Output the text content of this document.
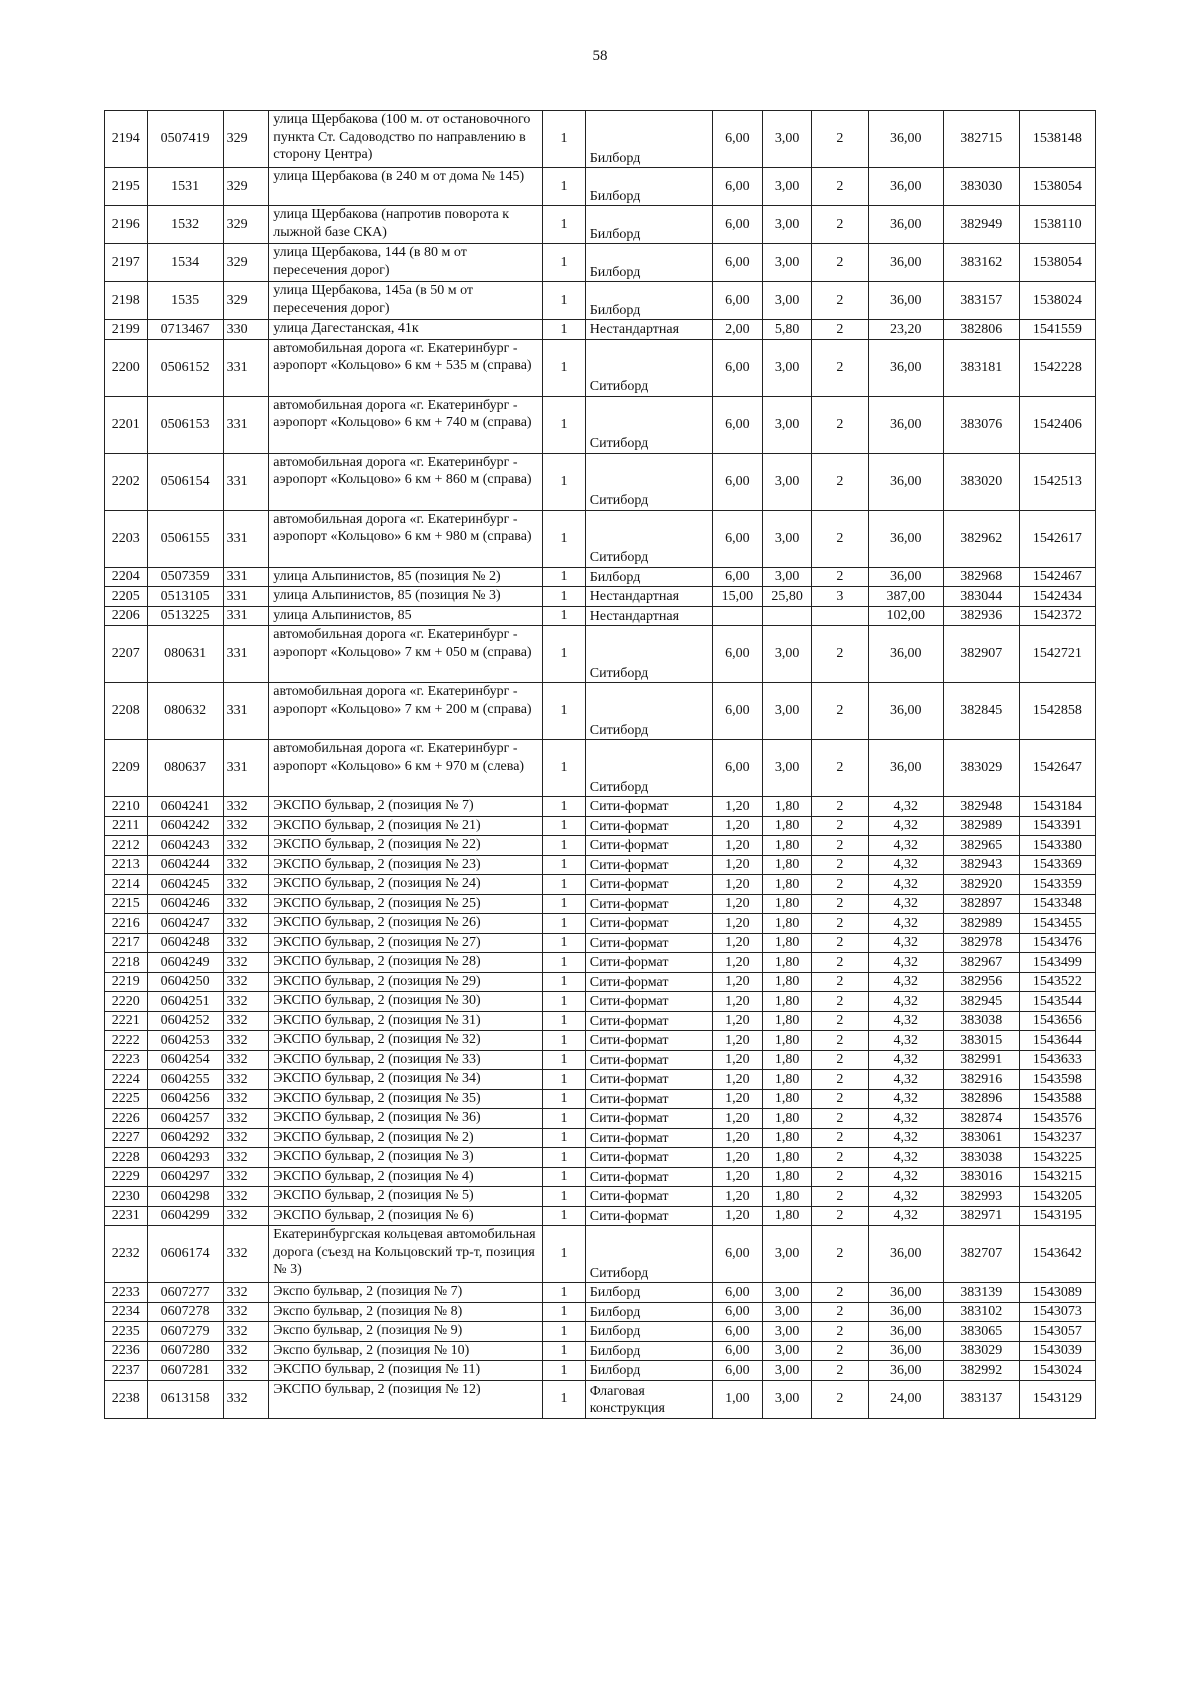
58
2194	0507419	329	улица Щербакова (100 м. от остановочного пункта Ст. Садоводство по направлению в сторону Центра)	1	Билборд	6,00	3,00	2	36,00	382715	1538148
2195	1531	329	улица Щербакова (в 240 м от дома № 145)	1	Билборд	6,00	3,00	2	36,00	383030	1538054
2196	1532	329	улица Щербакова (напротив поворота к лыжной базе СКА)	1	Билборд	6,00	3,00	2	36,00	382949	1538110
2197	1534	329	улица Щербакова, 144 (в 80 м от пересечения дорог)	1	Билборд	6,00	3,00	2	36,00	383162	1538054
2198	1535	329	улица Щербакова, 145а (в 50 м от пересечения дорог)	1	Билборд	6,00	3,00	2	36,00	383157	1538024
2199	0713467	330	улица Дагестанская, 41к	1	Нестандартная	2,00	5,80	2	23,20	382806	1541559
2200	0506152	331	автомобильная дорога «г. Екатеринбург - аэропорт «Кольцово» 6 км + 535 м (справа)	1	Ситиборд	6,00	3,00	2	36,00	383181	1542228
2201	0506153	331	автомобильная дорога «г. Екатеринбург - аэропорт «Кольцово» 6 км + 740 м (справа)	1	Ситиборд	6,00	3,00	2	36,00	383076	1542406
2202	0506154	331	автомобильная дорога «г. Екатеринбург - аэропорт «Кольцово» 6 км + 860 м (справа)	1	Ситиборд	6,00	3,00	2	36,00	383020	1542513
2203	0506155	331	автомобильная дорога «г. Екатеринбург - аэропорт «Кольцово» 6 км + 980 м (справа)	1	Ситиборд	6,00	3,00	2	36,00	382962	1542617
2204	0507359	331	улица Альпинистов, 85 (позиция № 2)	1	Билборд	6,00	3,00	2	36,00	382968	1542467
2205	0513105	331	улица Альпинистов, 85 (позиция № 3)	1	Нестандартная	15,00	25,80	3	387,00	383044	1542434
2206	0513225	331	улица Альпинистов, 85	1	Нестандартная				102,00	382936	1542372
2207	080631	331	автомобильная дорога «г. Екатеринбург - аэропорт «Кольцово» 7 км + 050 м (справа)	1	Ситиборд	6,00	3,00	2	36,00	382907	1542721
2208	080632	331	автомобильная дорога «г. Екатеринбург - аэропорт «Кольцово» 7 км + 200 м (справа)	1	Ситиборд	6,00	3,00	2	36,00	382845	1542858
2209	080637	331	автомобильная дорога «г. Екатеринбург - аэропорт «Кольцово» 6 км + 970 м (слева)	1	Ситиборд	6,00	3,00	2	36,00	383029	1542647
2210	0604241	332	ЭКСПО бульвар, 2 (позиция № 7)	1	Сити-формат	1,20	1,80	2	4,32	382948	1543184
2211	0604242	332	ЭКСПО бульвар, 2 (позиция № 21)	1	Сити-формат	1,20	1,80	2	4,32	382989	1543391
2212	0604243	332	ЭКСПО бульвар, 2 (позиция № 22)	1	Сити-формат	1,20	1,80	2	4,32	382965	1543380
2213	0604244	332	ЭКСПО бульвар, 2 (позиция № 23)	1	Сити-формат	1,20	1,80	2	4,32	382943	1543369
2214	0604245	332	ЭКСПО бульвар, 2 (позиция № 24)	1	Сити-формат	1,20	1,80	2	4,32	382920	1543359
2215	0604246	332	ЭКСПО бульвар, 2 (позиция № 25)	1	Сити-формат	1,20	1,80	2	4,32	382897	1543348
2216	0604247	332	ЭКСПО бульвар, 2 (позиция № 26)	1	Сити-формат	1,20	1,80	2	4,32	382989	1543455
2217	0604248	332	ЭКСПО бульвар, 2 (позиция № 27)	1	Сити-формат	1,20	1,80	2	4,32	382978	1543476
2218	0604249	332	ЭКСПО бульвар, 2 (позиция № 28)	1	Сити-формат	1,20	1,80	2	4,32	382967	1543499
2219	0604250	332	ЭКСПО бульвар, 2 (позиция № 29)	1	Сити-формат	1,20	1,80	2	4,32	382956	1543522
2220	0604251	332	ЭКСПО бульвар, 2 (позиция № 30)	1	Сити-формат	1,20	1,80	2	4,32	382945	1543544
2221	0604252	332	ЭКСПО бульвар, 2 (позиция № 31)	1	Сити-формат	1,20	1,80	2	4,32	383038	1543656
2222	0604253	332	ЭКСПО бульвар, 2 (позиция № 32)	1	Сити-формат	1,20	1,80	2	4,32	383015	1543644
2223	0604254	332	ЭКСПО бульвар, 2 (позиция № 33)	1	Сити-формат	1,20	1,80	2	4,32	382991	1543633
2224	0604255	332	ЭКСПО бульвар, 2 (позиция № 34)	1	Сити-формат	1,20	1,80	2	4,32	382916	1543598
2225	0604256	332	ЭКСПО бульвар, 2 (позиция № 35)	1	Сити-формат	1,20	1,80	2	4,32	382896	1543588
2226	0604257	332	ЭКСПО бульвар, 2 (позиция № 36)	1	Сити-формат	1,20	1,80	2	4,32	382874	1543576
2227	0604292	332	ЭКСПО бульвар, 2 (позиция № 2)	1	Сити-формат	1,20	1,80	2	4,32	383061	1543237
2228	0604293	332	ЭКСПО бульвар, 2 (позиция № 3)	1	Сити-формат	1,20	1,80	2	4,32	383038	1543225
2229	0604297	332	ЭКСПО бульвар, 2 (позиция № 4)	1	Сити-формат	1,20	1,80	2	4,32	383016	1543215
2230	0604298	332	ЭКСПО бульвар, 2 (позиция № 5)	1	Сити-формат	1,20	1,80	2	4,32	382993	1543205
2231	0604299	332	ЭКСПО бульвар, 2 (позиция № 6)	1	Сити-формат	1,20	1,80	2	4,32	382971	1543195
2232	0606174	332	Екатеринбургская кольцевая автомобильная дорога (съезд на Кольцовский тр-т, позиция № 3)	1	Ситиборд	6,00	3,00	2	36,00	382707	1543642
2233	0607277	332	Экспо бульвар, 2 (позиция № 7)	1	Билборд	6,00	3,00	2	36,00	383139	1543089
2234	0607278	332	Экспо бульвар, 2 (позиция № 8)	1	Билборд	6,00	3,00	2	36,00	383102	1543073
2235	0607279	332	Экспо бульвар, 2 (позиция № 9)	1	Билборд	6,00	3,00	2	36,00	383065	1543057
2236	0607280	332	Экспо бульвар, 2 (позиция № 10)	1	Билборд	6,00	3,00	2	36,00	383029	1543039
2237	0607281	332	ЭКСПО бульвар, 2 (позиция № 11)	1	Билборд	6,00	3,00	2	36,00	382992	1543024
2238	0613158	332	ЭКСПО бульвар, 2 (позиция № 12)	1	Флаговая конструкция	1,00	3,00	2	24,00	383137	1543129
